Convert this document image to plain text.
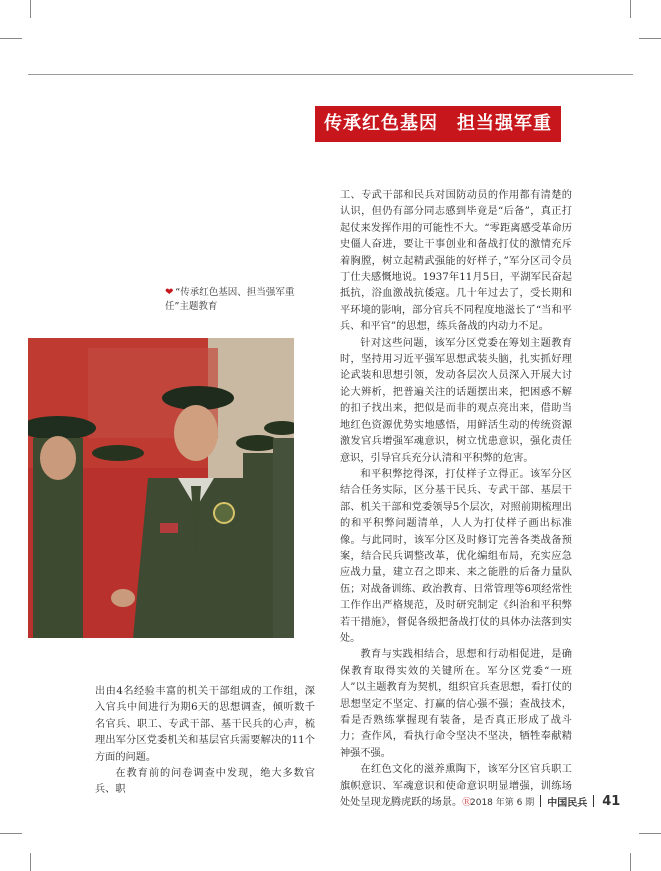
传承红色基因　担当强军重任
❤ “传承红色基因、担当强军重任”主题教育

工、专武干部和民兵对国防动员的作用都有清楚的认识，但仍有部分同志感到毕竟是“后备”，真正打起仗来发挥作用的可能性不大。“零距离感受革命历史僵人奋进，要让干事创业和备战打仗的激情充斥着胸膛，树立起精武强能的好样子，”军分区司令员丁仕夫感慨地说。1937年11月5日，平湖军民奋起抵抗，浴血激战抗倭寇。几十年过去了，受长期和平环境的影响，部分官兵不同程度地滋长了“当和平兵、和平官”的思想，练兵备战的内动力不足。

针对这些问题，该军分区党委在筹划主题教育时，坚持用习近平强军思想武装头脑，扎实抓好理论武装和思想引领，发动各层次人员深入开展大讨论大辨析，把普遍关注的话题摆出来，把困惑不解的扣子找出来，把似是而非的观点亮出来，借助当地红色资源优势实地感悟，用鲜活生动的传统资源激发官兵增强军魂意识，树立忧患意识，强化责任意识，引导官兵充分认清和平积弊的危害。

和平积弊挖得深，打仗样子立得正。该军分区结合任务实际，区分基干民兵、专武干部、基层干部、机关干部和党委领导5个层次，对照前期梳理出的和平积弊问题清单，人人为打仗样子画出标准像。与此同时，该军分区及时修订完善各类战备预案，结合民兵调整改革，优化编组布局，充实应急应战力量，建立召之即来、来之能胜的后备力量队伍；对战备训练、政治教育、日常管理等6项经常性工作作出严格规范，及时研究制定《纠治和平积弊若干措施》，督促各级把备战打仗的具体办法落到实处。

教育与实践相结合，思想和行动相促进，是确保教育取得实效的关键所在。军分区党委“一班人”以主题教育为契机，组织官兵查思想，看打仗的思想坚定不坚定、打赢的信心强不强；查战技术，看是否熟练掌握现有装备，是否真正形成了战斗力；查作风，看执行命令坚决不坚决，牺牲奉献精神强不强。

在红色文化的滋养熏陶下，该军分区官兵职工旗帜意识、军魂意识和使命意识明显增强，训练场处处呈现龙腾虎跃的场景。Ⓡ

出由4名经验丰富的机关干部组成的工作组，深入官兵中间进行为期6天的思想调查，倾听数千名官兵、职工、专武干部、基干民兵的心声，梳理出军分区党委机关和基层官兵需要解决的11个方面的问题。

在教育前的问卷调查中发现，绝大多数官兵、职

2018 年第 6 期 中国民兵 41
